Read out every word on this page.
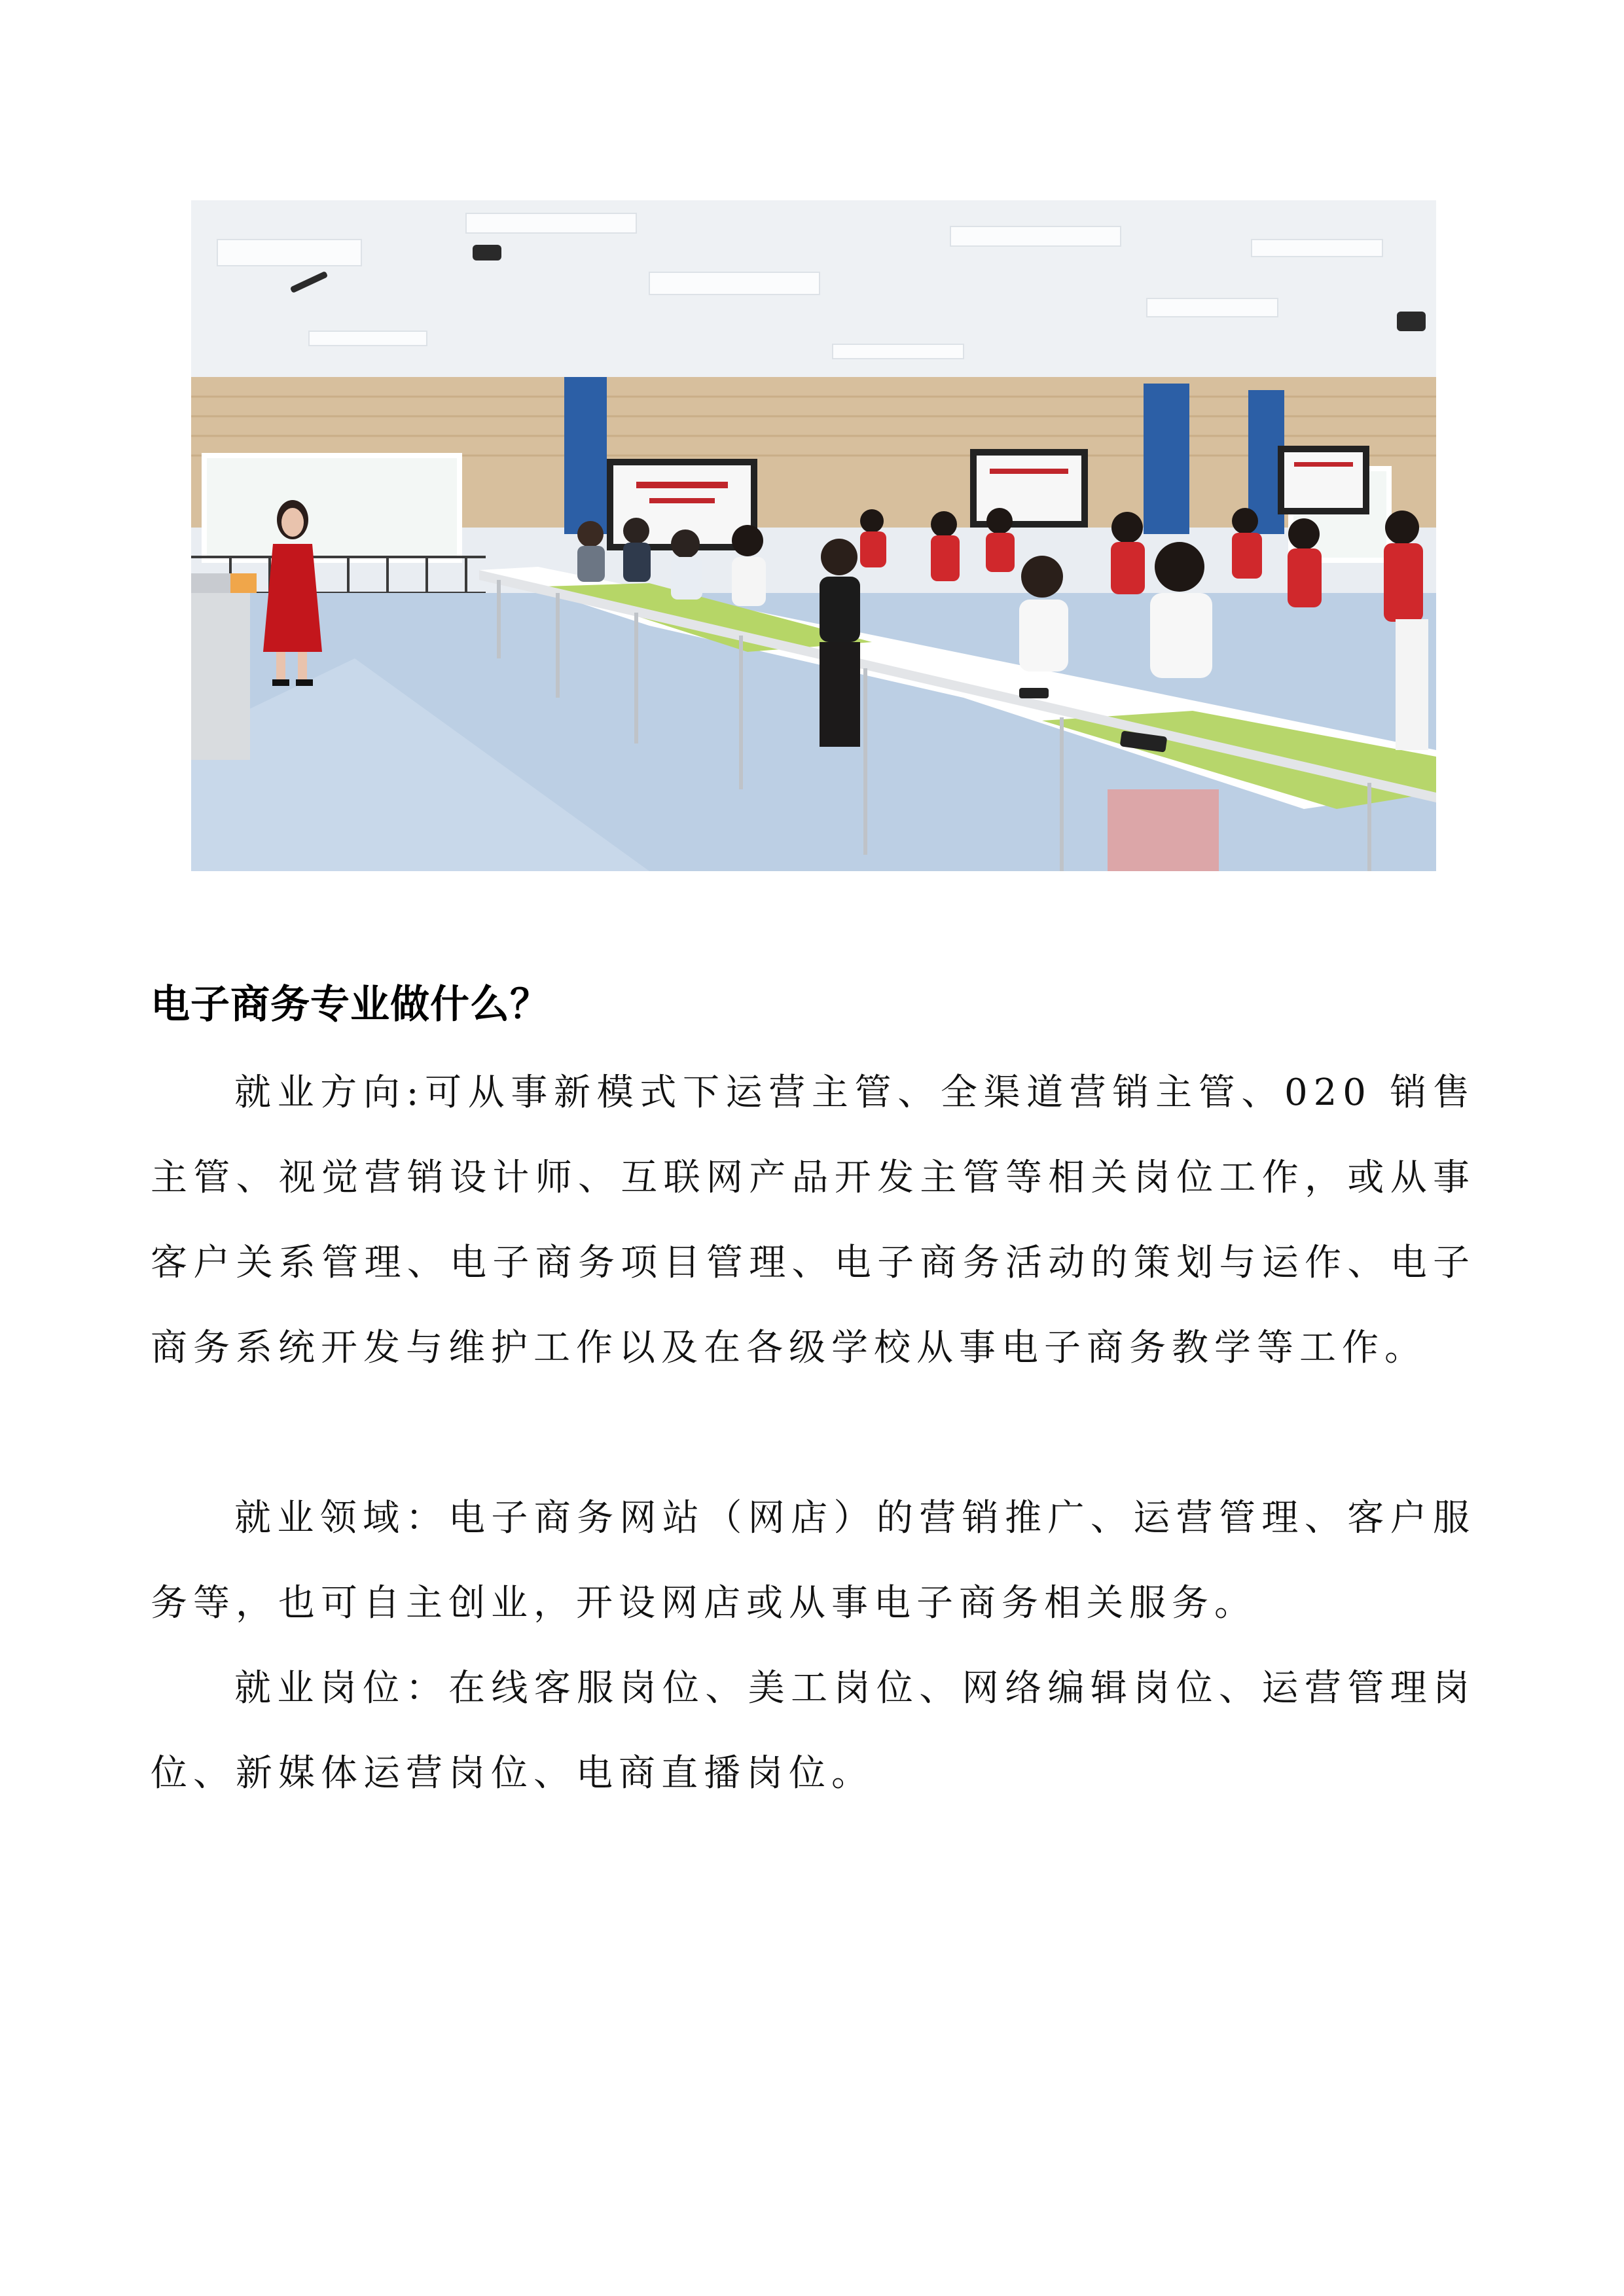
电子商务专业做什么？

就业方向:可从事新模式下运营主管、全渠道营销主管、020 销售主管、视觉营销设计师、互联网产品开发主管等相关岗位工作，或从事客户关系管理、电子商务项目管理、电子商务活动的策划与运作、电子商务系统开发与维护工作以及在各级学校从事电子商务教学等工作。

就业领域：电子商务网站（网店）的营销推广、运营管理、客户服务等，也可自主创业，开设网店或从事电子商务相关服务。

就业岗位：在线客服岗位、美工岗位、网络编辑岗位、运营管理岗位、新媒体运营岗位、电商直播岗位。
